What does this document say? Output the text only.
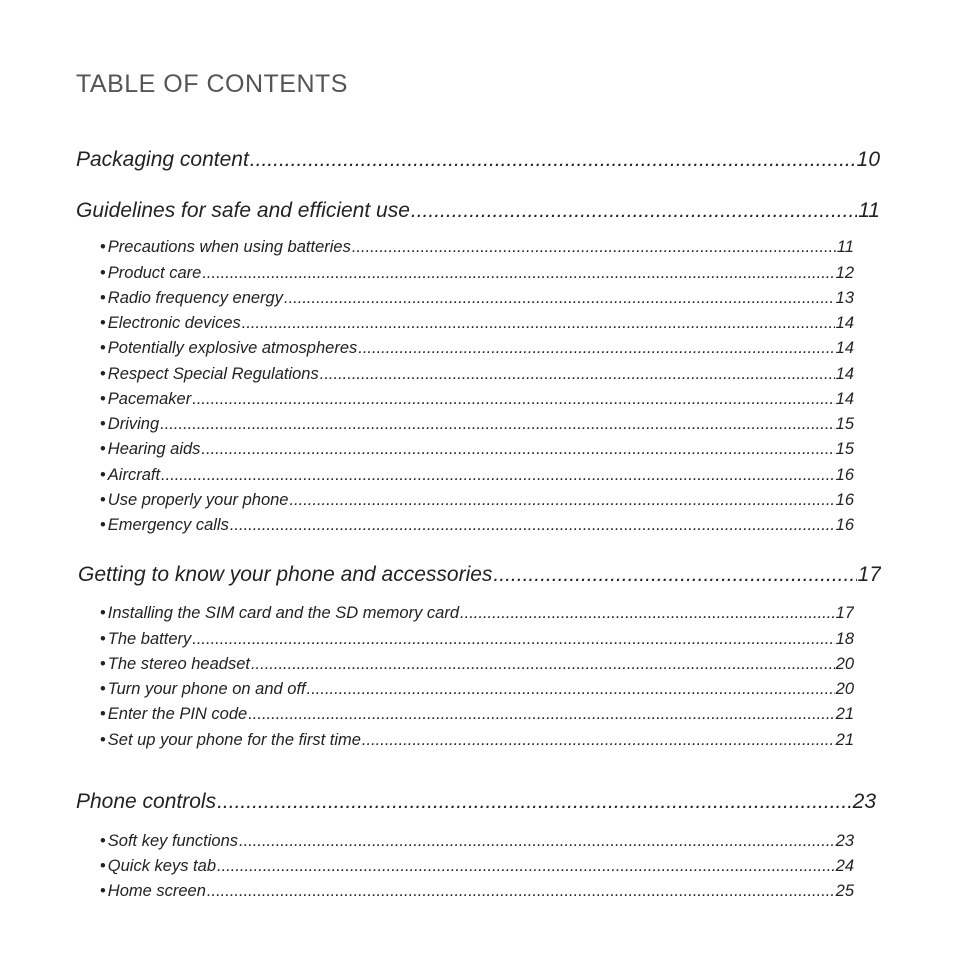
TABLE OF CONTENTS
Packaging content .....	10
Guidelines for safe and efficient use .....	11
• Precautions when using batteries .....	11
• Product care .....	12
• Radio frequency energy .....	13
• Electronic devices .....	14
• Potentially explosive atmospheres .....	14
• Respect Special Regulations .....	14
• Pacemaker .....	14
• Driving .....	15
• Hearing aids .....	15
• Aircraft .....	16
• Use properly your phone .....	16
• Emergency calls .....	16
Getting to know your phone and accessories .....	17
• Installing the SIM card and the SD memory card .....	17
• The battery .....	18
• The stereo headset .....	20
• Turn your phone on and off .....	20
• Enter the PIN code .....	21
• Set up your phone for the first time .....	21
Phone controls .....	23
• Soft key functions .....	23
• Quick keys tab .....	24
• Home screen .....	25
